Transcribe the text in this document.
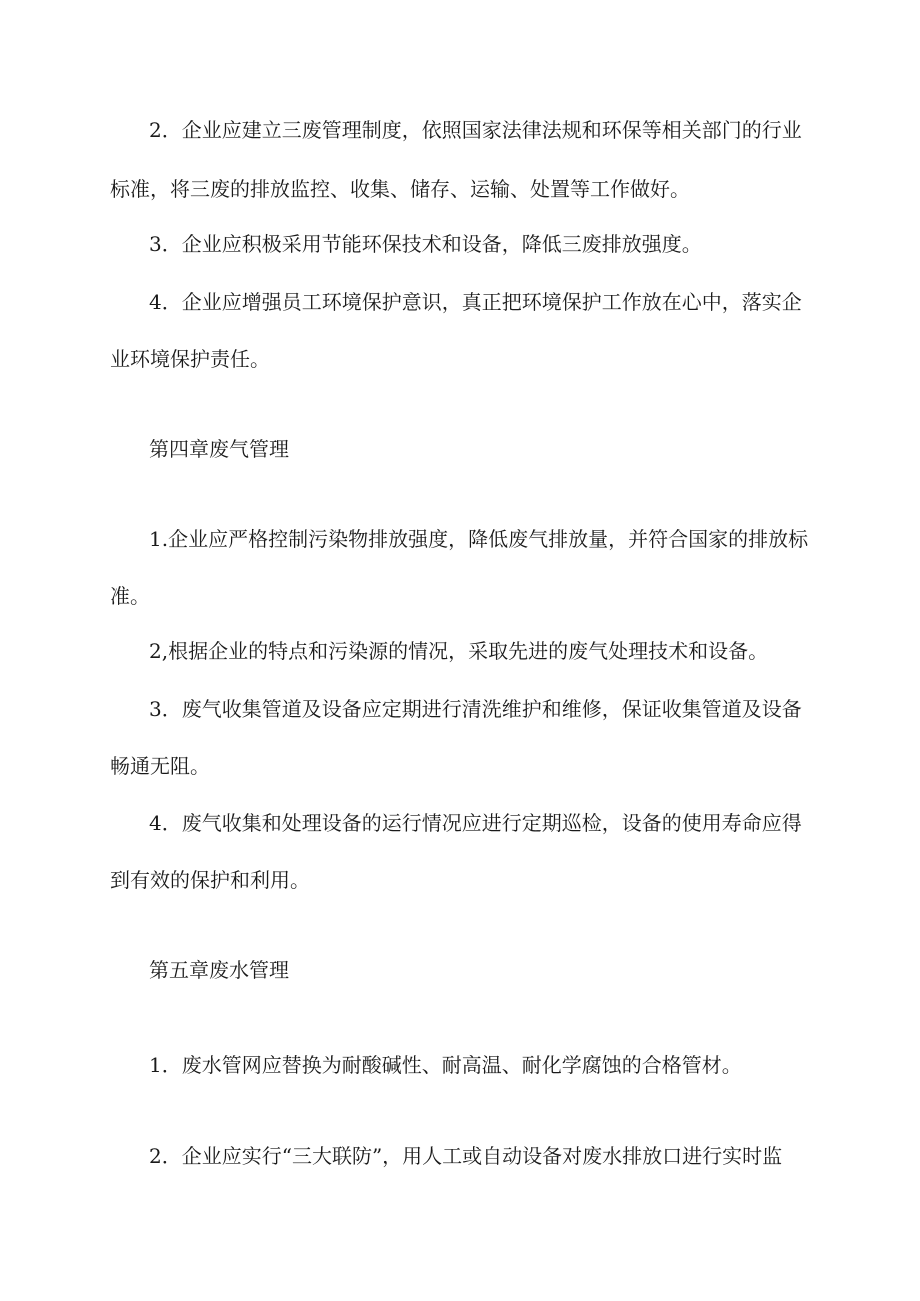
2．企业应建立三废管理制度，依照国家法律法规和环保等相关部门的行业
标准，将三废的排放监控、收集、储存、运输、处置等工作做好。
3．企业应积极采用节能环保技术和设备，降低三废排放强度。
4．企业应增强员工环境保护意识，真正把环境保护工作放在心中，落实企
业环境保护责任。
第四章废气管理
1.企业应严格控制污染物排放强度，降低废气排放量，并符合国家的排放标
准。
2,根据企业的特点和污染源的情况，采取先进的废气处理技术和设备。
3．废气收集管道及设备应定期进行清洗维护和维修，保证收集管道及设备
畅通无阻。
4．废气收集和处理设备的运行情况应进行定期巡检，设备的使用寿命应得
到有效的保护和利用。
第五章废水管理
1．废水管网应替换为耐酸碱性、耐高温、耐化学腐蚀的合格管材。
2．企业应实行“三大联防”，用人工或自动设备对废水排放口进行实时监
